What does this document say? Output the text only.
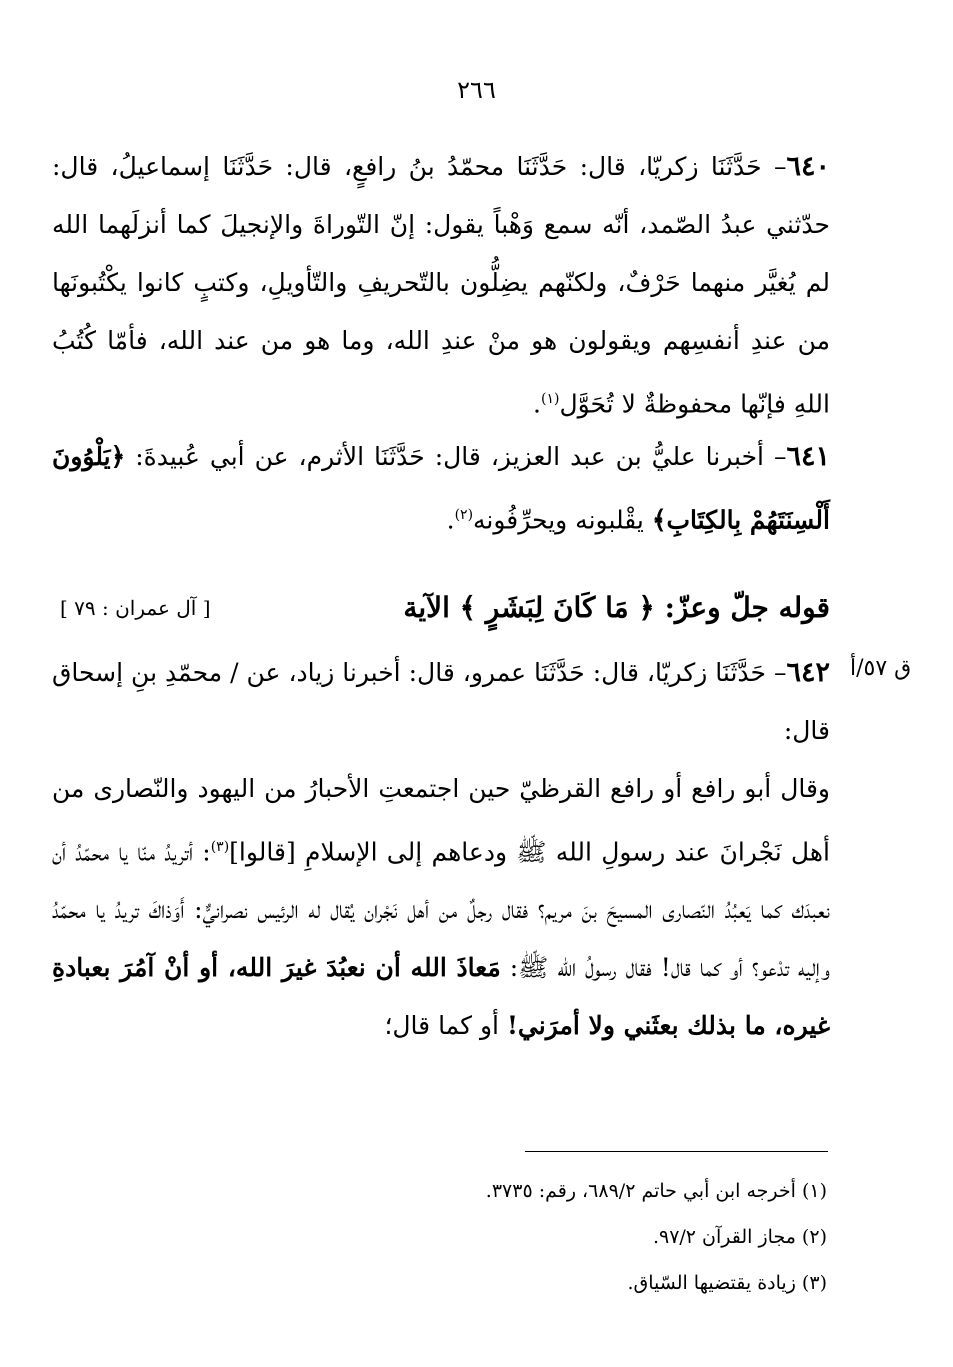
٢٦٦
٦٤٠– حَدَّثَنَا زكريّا، قال: حَدَّثَنَا محمّدُ بنُ رافعٍ، قال: حَدَّثَنَا إسماعيلُ، قال: حدّثني عبدُ الصّمد، أنّه سمع وَهْباً يقول: إنّ التّوراةَ والإنجيلَ كما أنزلَهما الله لم يُغيَّر منهما حَرْفٌ، ولكنّهم يضِلُّون بالتّحريفِ والتّأويلِ، وكتبٍ كانوا يكْتُبونَها من عندِ أنفسِهم ويقولون هو منْ عندِ الله، وما هو من عند الله، فأمّا كُتُبُ اللهِ فإنّها محفوظةٌ لا تُحَوَّل$^{(١)}$.
٦٤١– أخبرنا عليُّ بن عبد العزيز، قال: حَدَّثَنَا الأثرم، عن أبي عُبيدةَ: ﴿يَلْوُونَ أَلْسِنَتَهُمْ بِالكِتَابِ﴾ يقْلبونه ويحرِّفُونه$^{(٢)}$.
قوله جلّ وعزّ: ﴿ مَا كَانَ لِبَشَرٍ ﴾ الآية
[ آل عمران : ٧٩ ]
ق ٥٧/أ
٦٤٢– حَدَّثَنَا زكريّا، قال: حَدَّثَنَا عمرو، قال: أخبرنا زياد، عن / محمّدِ بنِ إسحاق قال:
وقال أبو رافع أو رافع القرظيّ حين اجتمعتِ الأحبارُ من اليهود والنّصارى من أهل نَجْرانَ عند رسولِ الله ﷺ ودعاهم إلى الإسلامِ [قالوا]$^{(٣)}$: أتريدُ منّا يا محمّدُ أن نعبدَك كما يَعبُدُ النّصارى المسيحَ بنَ مريم؟ فقال رجلٌ من أهل نَجْران يُقال له الرئيس نصرانيٌّ: أَوَذاكَ تريدُ يا محمّدُ وإليه تدْعو؟ أو كما قال! فقال رسولُ الله ﷺ: مَعاذَ الله أن نعبُدَ غيرَ الله، أو أنْ آمُرَ بعبادةِ غيره، ما بذلك بعثَني ولا أمرَني! أو كما قال؛
(١) أخرجه ابن أبي حاتم ٦٨٩/٢، رقم: ٣٧٣٥.
(٢) مجاز القرآن ٩٧/٢.
(٣) زيادة يقتضيها السّياق.
